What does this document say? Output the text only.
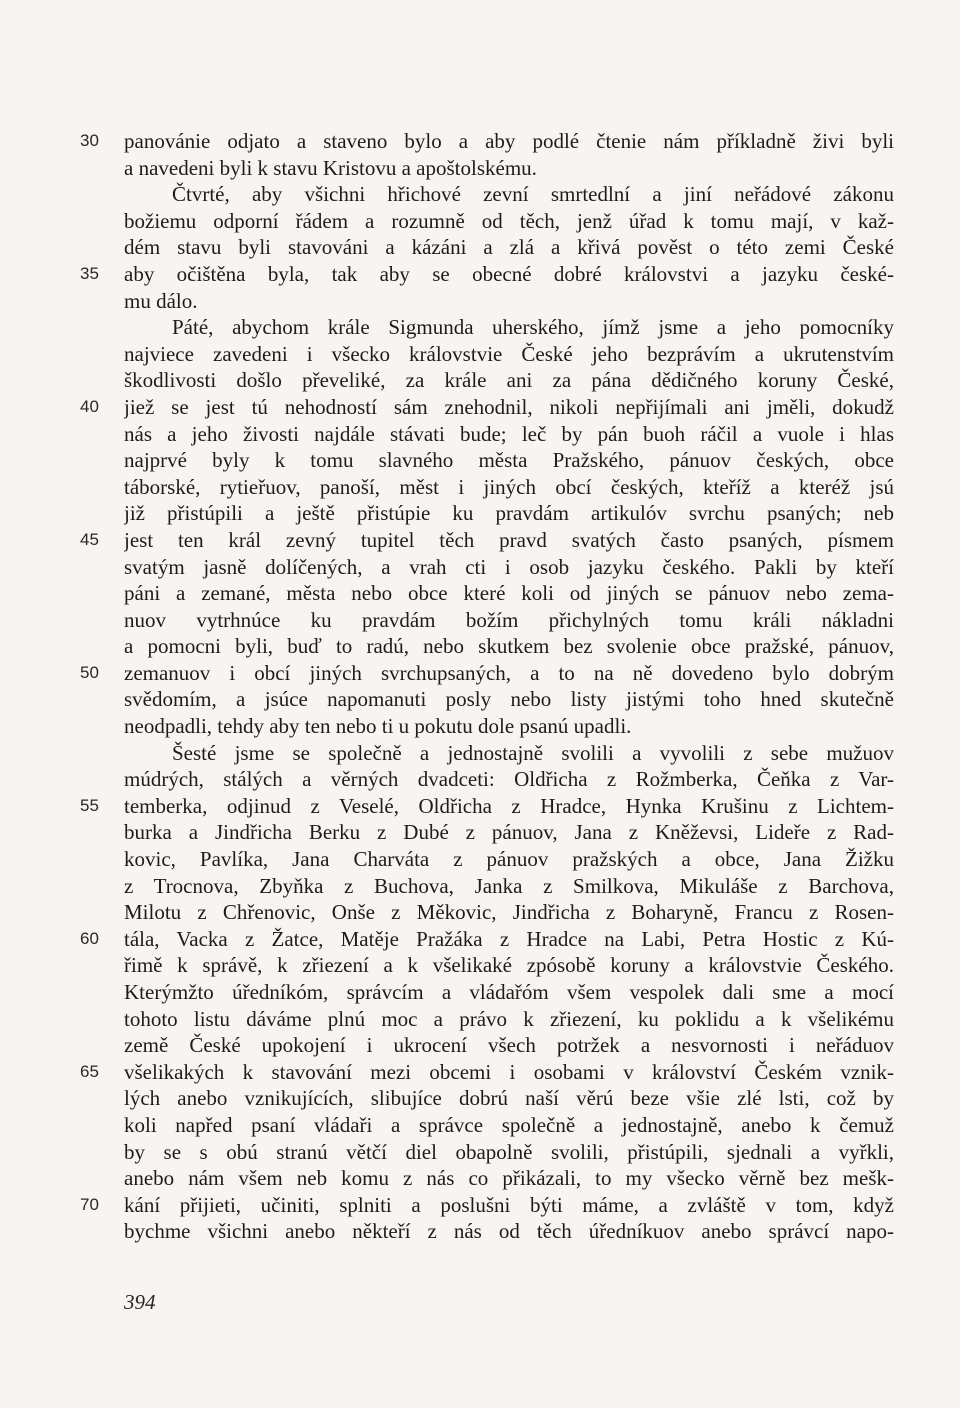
30
35
40
45
50
55
60
65
70
panovánie odjato a staveno bylo a aby podlé čtenie nám příkladně živi byli
a navedeni byli k stavu Kristovu a apoštolskému.
Čtvrté, aby všichni hřichové zevní smrtedlní a jiní neřádové zákonu
božiemu odporní řádem a rozumně od těch, jenž úřad k tomu mají, v kaž-
dém stavu byli stavováni a kázáni a zlá a křivá pověst o této zemi České
aby očištěna byla, tak aby se obecné dobré královstvi a jazyku české-
mu dálo.
Páté, abychom krále Sigmunda uherského, jímž jsme a jeho pomocníky
najviece zavedeni i všecko královstvie České jeho bezprávím a ukrutenstvím
škodlivosti došlo převeliké, za krále ani za pána dědičného koruny České,
jiež se jest tú nehodností sám znehodnil, nikoli nepřijímali ani jměli, dokudž
nás a jeho živosti najdále stávati bude; leč by pán buoh ráčil a vuole i hlas
najprvé byly k tomu slavného města Pražského, pánuov českých, obce
táborské, rytieřuov, panoší, měst i jiných obcí českých, kteříž a kteréž jsú
již přistúpili a ještě přistúpie ku pravdám artikulóv svrchu psaných; neb
jest ten král zevný tupitel těch pravd svatých často psaných, písmem
svatým jasně dolíčených, a vrah cti i osob jazyku českého. Pakli by kteří
páni a zemané, města nebo obce které koli od jiných se pánuov nebo zema-
nuov vytrhnúce ku pravdám božím přichylných tomu králi nákladni
a pomocni byli, buď to radú, nebo skutkem bez svolenie obce pražské, pánuov,
zemanuov i obcí jiných svrchupsaných, a to na ně dovedeno bylo dobrým
svědomím, a jsúce napomanuti posly nebo listy jistými toho hned skutečně
neodpadli, tehdy aby ten nebo ti u pokutu dole psanú upadli.
Šesté jsme se společně a jednostajně svolili a vyvolili z sebe mužuov
múdrých, stálých a věrných dvadceti: Oldřicha z Rožmberka, Čeňka z Var-
temberka, odjinud z Veselé, Oldřicha z Hradce, Hynka Krušinu z Lichtem-
burka a Jindřicha Berku z Dubé z pánuov, Jana z Kněževsi, Lideře z Rad-
kovic, Pavlíka, Jana Charváta z pánuov pražských a obce, Jana Žižku
z Trocnova, Zbyňka z Buchova, Janka z Smilkova, Mikuláše z Barchova,
Milotu z Chřenovic, Onše z Měkovic, Jindřicha z Boharyně, Francu z Rosen-
tála, Vacka z Žatce, Matěje Pražáka z Hradce na Labi, Petra Hostic z Kú-
řimě k správě, k zřiezení a k všelikaké zpósobě koruny a královstvie Českého.
Kterýmžto úředníkóm, správcím a vládařóm všem vespolek dali sme a mocí
tohoto listu dáváme plnú moc a právo k zřiezení, ku poklidu a k všelikému
země České upokojení i ukrocení všech potržek a nesvornosti i neřáduov
všelikakých k stavování mezi obcemi i osobami v království Českém vznik-
lých anebo vznikujících, slibujíce dobrú naší věrú beze všie zlé lsti, což by
koli napřed psaní vládaři a správce společně a jednostajně, anebo k čemuž
by se s obú stranú větčí diel obapolně svolili, přistúpili, sjednali a vyřkli,
anebo nám všem neb komu z nás co přikázali, to my všecko věrně bez mešk-
kání přijieti, učiniti, splniti a poslušni býti máme, a zvláště v tom, když
bychme všichni anebo někteří z nás od těch úředníkuov anebo správcí napo-
394
